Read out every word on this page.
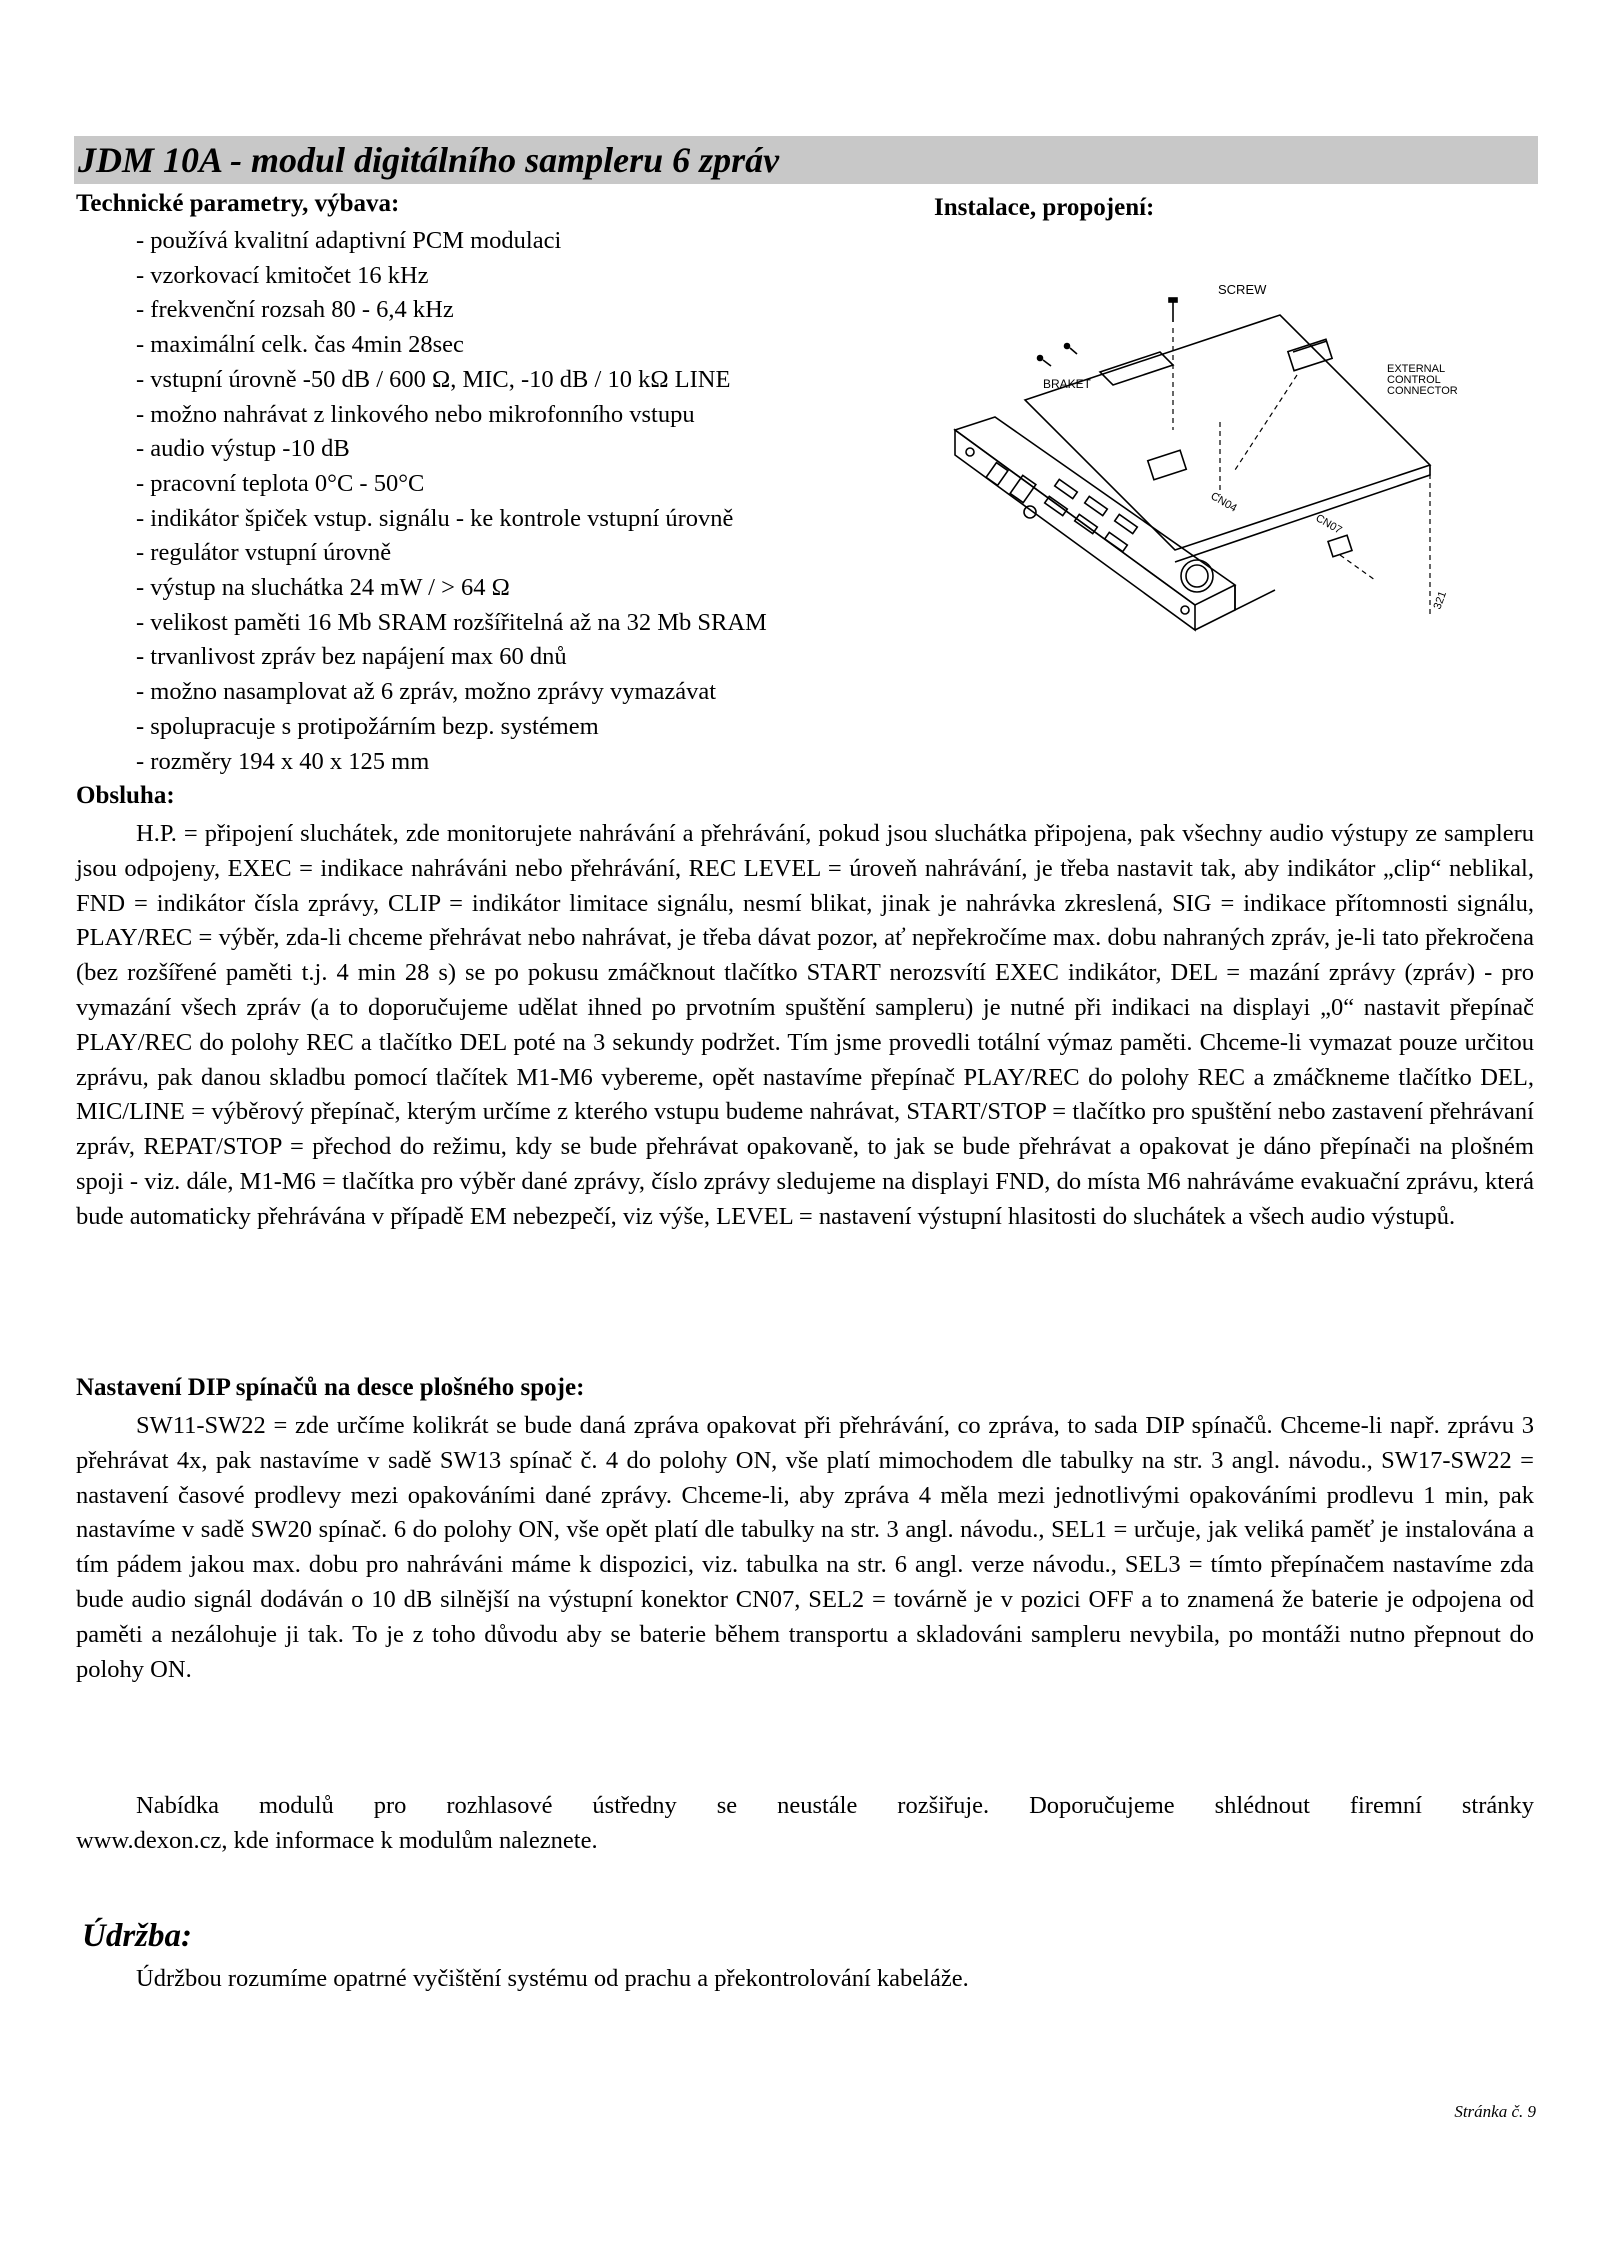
JDM 10A - modul digitálního sampleru 6 zpráv
Technické parametry, výbava:	Instalace, propojení:
- používá kvalitní adaptivní PCM modulaci
- vzorkovací kmitočet 16 kHz
- frekvenční rozsah 80 - 6,4 kHz
- maximální celk. čas 4min 28sec
- vstupní úrovně -50 dB / 600 Ω, MIC, -10 dB / 10 kΩ LINE
- možno nahrávat z linkového nebo mikrofonního vstupu
- audio výstup -10 dB
- pracovní teplota 0°C - 50°C
- indikátor špiček vstup. signálu - ke kontrole vstupní úrovně
- regulátor vstupní úrovně
- výstup na sluchátka 24 mW / > 64 Ω
- velikost paměti 16 Mb SRAM rozšířitelná až na 32 Mb SRAM
- trvanlivost zpráv bez napájení max 60 dnů
- možno nasamplovat až 6 zpráv, možno zprávy vymazávat
- spolupracuje s protipožárním bezp. systémem
- rozměry 194 x 40 x 125 mm
SCREW
BRAKET
EXTERNAL
CONTROL
CONNECTOR
CN04
CN07
321
Obsluha:

H.P. = připojení sluchátek, zde monitorujete nahrávání a přehrávání, pokud jsou sluchátka připojena, pak všechny audio výstupy ze sampleru jsou odpojeny, EXEC = indikace nahráváni nebo přehrávání, REC LEVEL = úroveň nahrávání, je třeba nastavit tak, aby indikátor „clip“ neblikal, FND = indikátor čísla zprávy, CLIP = indikátor limitace signálu, nesmí blikat, jinak je nahrávka zkreslená, SIG = indikace přítomnosti signálu, PLAY/REC = výběr, zda-li chceme přehrávat nebo nahrávat, je třeba dávat pozor, ať nepřekročíme max. dobu nahraných zpráv, je-li tato překročena (bez rozšířené paměti t.j. 4 min 28 s) se po pokusu zmáčknout tlačítko START nerozsvítí EXEC indikátor, DEL = mazání zprávy (zpráv) - pro vymazání všech zpráv (a to doporučujeme udělat ihned po prvotním spuštění sampleru) je nutné při indikaci na displayi „0“ nastavit přepínač PLAY/REC do polohy REC a tlačítko DEL poté na 3 sekundy podržet. Tím jsme provedli totální výmaz paměti. Chceme-li vymazat pouze určitou zprávu, pak danou skladbu pomocí tlačítek M1-M6 vybereme, opět nastavíme přepínač PLAY/REC do polohy REC a zmáčkneme tlačítko DEL, MIC/LINE = výběrový přepínač, kterým určíme z kterého vstupu budeme nahrávat, START/STOP = tlačítko pro spuštění nebo zastavení přehrávaní zpráv, REPAT/STOP = přechod do režimu, kdy se bude přehrávat opakovaně, to jak se bude přehrávat a opakovat je dáno přepínači na plošném spoji - viz. dále, M1-M6 = tlačítka pro výběr dané zprávy, číslo zprávy sledujeme na displayi FND, do místa M6 nahráváme evakuační zprávu, která bude automaticky přehrávána v případě EM nebezpečí, viz výše, LEVEL = nastavení výstupní hlasitosti do sluchátek a všech audio výstupů.

Nastavení DIP spínačů na desce plošného spoje:

SW11-SW22 = zde určíme kolikrát se bude daná zpráva opakovat při přehrávání, co zpráva, to sada DIP spínačů. Chceme-li např. zprávu 3 přehrávat 4x, pak nastavíme v sadě SW13 spínač č. 4 do polohy ON, vše platí mimochodem dle tabulky na str. 3 angl. návodu., SW17-SW22 = nastavení časové prodlevy mezi opakováními dané zprávy. Chceme-li, aby zpráva 4 měla mezi jednotlivými opakováními prodlevu 1 min, pak nastavíme v sadě SW20 spínač. 6 do polohy ON, vše opět platí dle tabulky na str. 3 angl. návodu., SEL1 = určuje, jak veliká paměť je instalována a tím pádem jakou max. dobu pro nahráváni máme k dispozici, viz. tabulka na str. 6 angl. verze návodu., SEL3 = tímto přepínačem nastavíme zda bude audio signál dodáván o 10 dB silnější na výstupní konektor CN07, SEL2 = továrně je v pozici OFF a to znamená že baterie je odpojena od paměti a nezálohuje ji tak. To je z toho důvodu aby se baterie během transportu a skladováni sampleru nevybila, po montáži nutno přepnout do polohy ON.

Nabídka modulů pro rozhlasové ústředny se neustále rozšiřuje. Doporučujeme shlédnout firemní stránky

www.dexon.cz, kde informace k modulům naleznete.

Údržba:

Údržbou rozumíme opatrné vyčištění systému od prachu a překontrolování kabeláže.

Stránka č. 9
